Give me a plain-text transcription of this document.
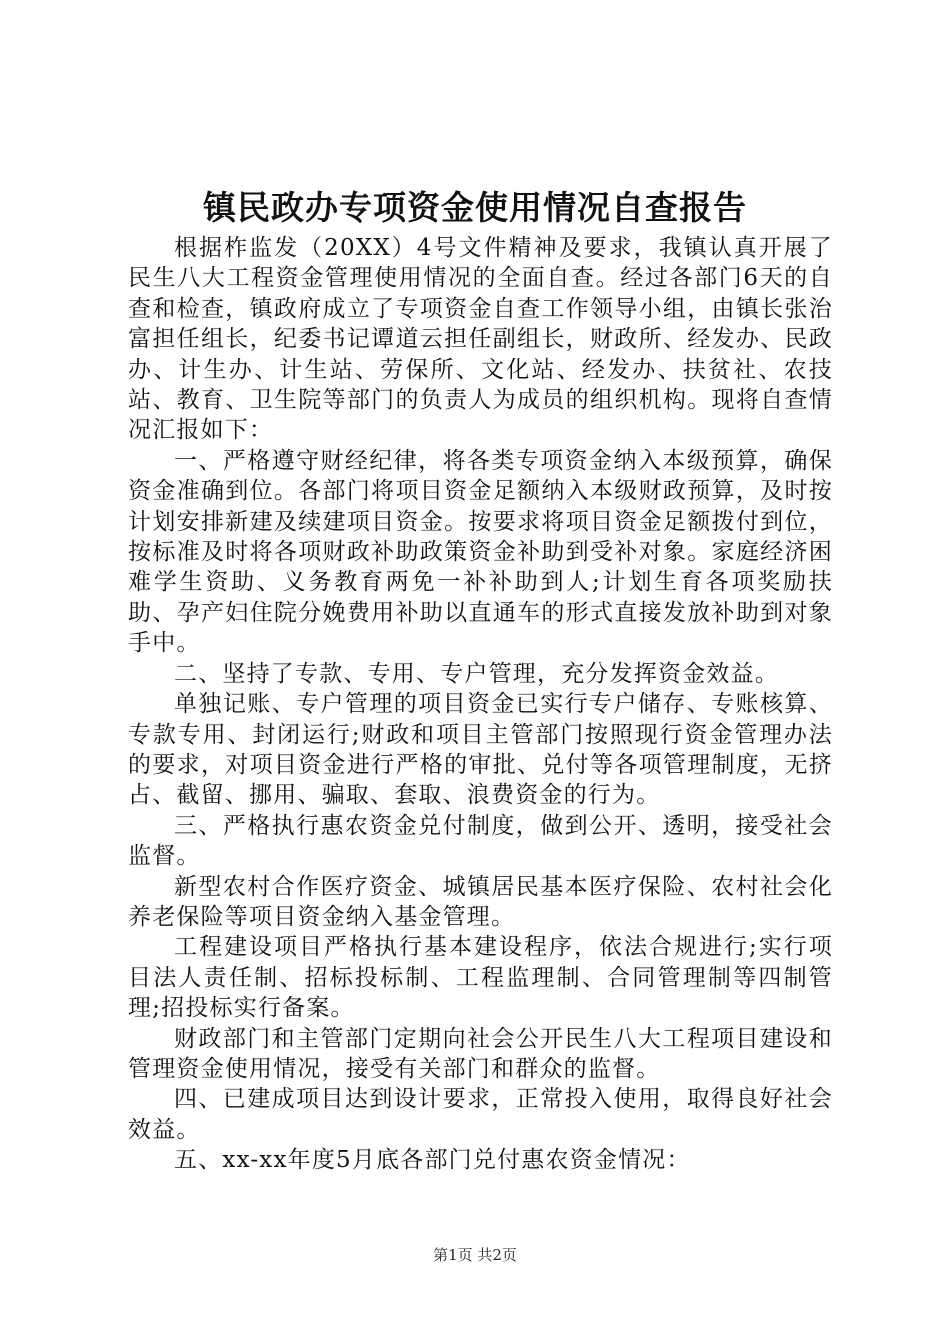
镇民政办专项资金使用情况自查报告

根据柞监发（20XX）4号文件精神及要求，我镇认真开展了民生八大工程资金管理使用情况的全面自查。经过各部门6天的自查和检查，镇政府成立了专项资金自查工作领导小组，由镇长张治富担任组长，纪委书记谭道云担任副组长，财政所、经发办、民政办、计生办、计生站、劳保所、文化站、经发办、扶贫社、农技站、教育、卫生院等部门的负责人为成员的组织机构。现将自查情况汇报如下：

一、严格遵守财经纪律，将各类专项资金纳入本级预算，确保资金准确到位。各部门将项目资金足额纳入本级财政预算，及时按计划安排新建及续建项目资金。按要求将项目资金足额拨付到位，按标准及时将各项财政补助政策资金补助到受补对象。家庭经济困难学生资助、义务教育两免一补补助到人;计划生育各项奖励扶助、孕产妇住院分娩费用补助以直通车的形式直接发放补助到对象手中。

二、坚持了专款、专用、专户管理，充分发挥资金效益。

单独记账、专户管理的项目资金已实行专户储存、专账核算、专款专用、封闭运行;财政和项目主管部门按照现行资金管理办法的要求，对项目资金进行严格的审批、兑付等各项管理制度，无挤占、截留、挪用、骗取、套取、浪费资金的行为。

三、严格执行惠农资金兑付制度，做到公开、透明，接受社会监督。

新型农村合作医疗资金、城镇居民基本医疗保险、农村社会化养老保险等项目资金纳入基金管理。

工程建设项目严格执行基本建设程序，依法合规进行;实行项目法人责任制、招标投标制、工程监理制、合同管理制等四制管理;招投标实行备案。

财政部门和主管部门定期向社会公开民生八大工程项目建设和管理资金使用情况，接受有关部门和群众的监督。

四、已建成项目达到设计要求，正常投入使用，取得良好社会效益。

五、xx-xx年度5月底各部门兑付惠农资金情况：

第1页 共2页
